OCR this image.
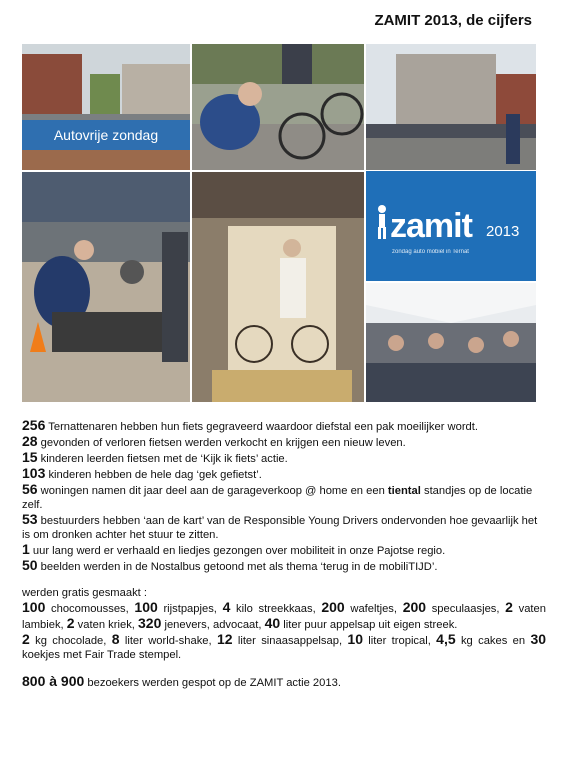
ZAMIT 2013, de cijfers
Autovrije zondag
zamit 2013
zondag auto mobiel in Ternat

256 Ternattenaren hebben hun fiets gegraveerd waardoor diefstal een pak moeilijker wordt.

28 gevonden of verloren fietsen werden verkocht en krijgen een nieuw leven.

15 kinderen leerden fietsen met de ‘Kijk ik fiets’ actie.

103 kinderen hebben de hele dag ‘gek gefietst’.

56 woningen namen dit jaar deel aan de garageverkoop @ home en een tiental standjes op de locatie zelf.

53 bestuurders hebben ‘aan de kart’ van de Responsible Young Drivers ondervonden hoe gevaarlijk het is om dronken achter het stuur te zitten.

1 uur lang werd er verhaald en liedjes gezongen over mobiliteit in onze Pajotse regio.

50 beelden werden in de Nostalbus getoond met als thema ‘terug in de mobiliTIJD’.

werden gratis gesmaakt :

100 chocomousses, 100 rijstpapjes, 4 kilo streekkaas, 200 wafeltjes, 200 speculaasjes, 2 vaten lambiek, 2 vaten kriek, 320 jenevers, advocaat, 40 liter puur appelsap uit eigen streek.

2 kg chocolade, 8 liter world-shake, 12 liter sinaasappelsap, 10 liter tropical, 4,5 kg cakes en 30 koekjes met Fair Trade stempel.

800 à 900 bezoekers werden gespot op de ZAMIT actie 2013.
